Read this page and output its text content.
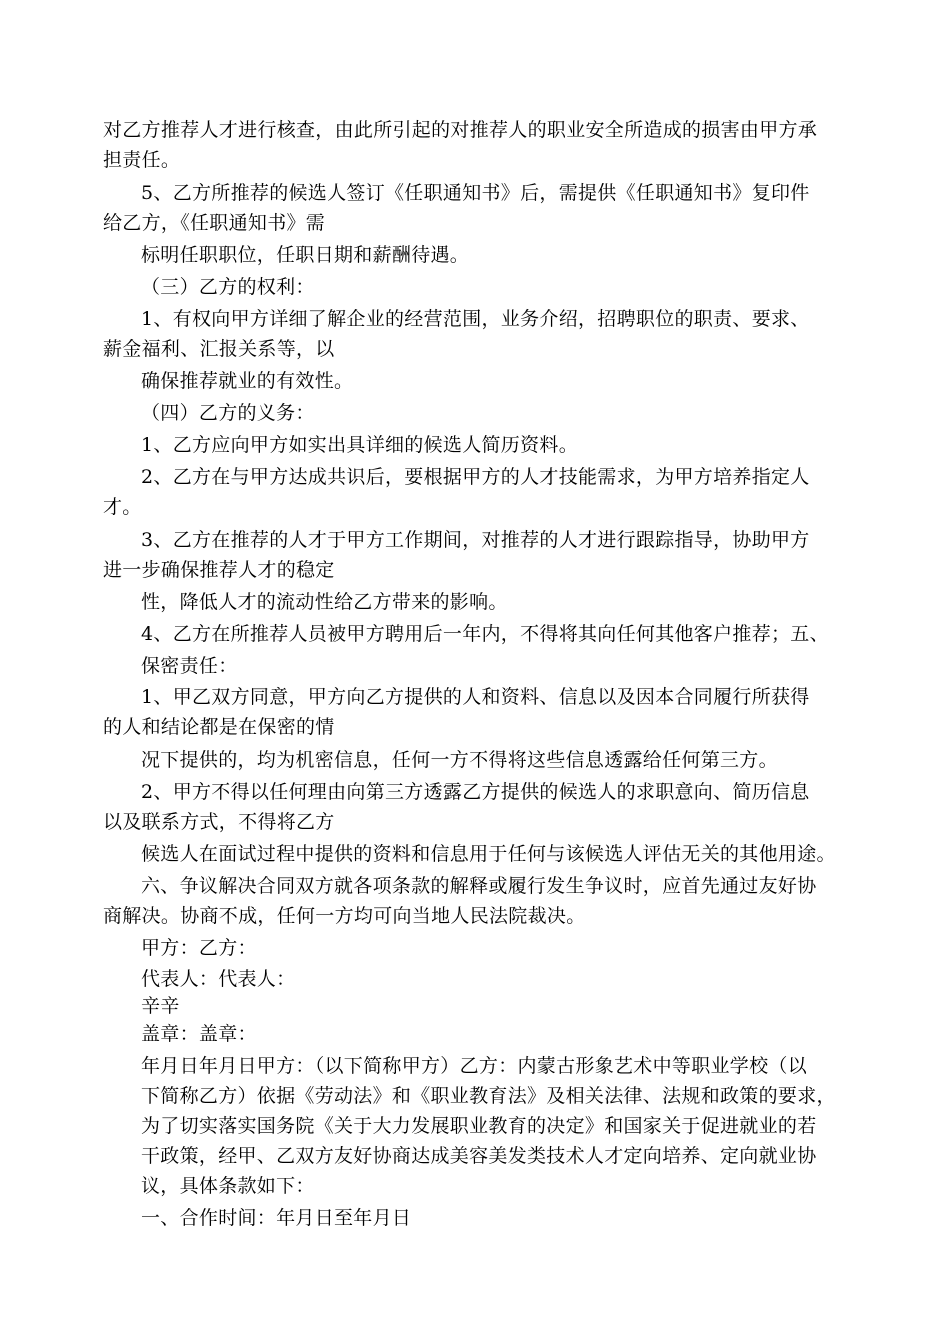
对乙方推荐人才进行核查，由此所引起的对推荐人的职业安全所造成的损害由甲方承
担责任。
5、乙方所推荐的候选人签订《任职通知书》后，需提供《任职通知书》复印件
给乙方，《任职通知书》需
标明任职职位，任职日期和薪酬待遇。
（三）乙方的权利：
1、有权向甲方详细了解企业的经营范围，业务介绍，招聘职位的职责、要求、
薪金福利、汇报关系等，以
确保推荐就业的有效性。
（四）乙方的义务：
1、乙方应向甲方如实出具详细的候选人简历资料。
2、乙方在与甲方达成共识后，要根据甲方的人才技能需求，为甲方培养指定人
才。
3、乙方在推荐的人才于甲方工作期间，对推荐的人才进行跟踪指导，协助甲方
进一步确保推荐人才的稳定
性，降低人才的流动性给乙方带来的影响。
4、乙方在所推荐人员被甲方聘用后一年内，不得将其向任何其他客户推荐；五、
保密责任：
1、甲乙双方同意，甲方向乙方提供的人和资料、信息以及因本合同履行所获得
的人和结论都是在保密的情
况下提供的，均为机密信息，任何一方不得将这些信息透露给任何第三方。
2、甲方不得以任何理由向第三方透露乙方提供的候选人的求职意向、简历信息
以及联系方式，不得将乙方
候选人在面试过程中提供的资料和信息用于任何与该候选人评估无关的其他用途。
六、争议解决合同双方就各项条款的解释或履行发生争议时，应首先通过友好协
商解决。协商不成，任何一方均可向当地人民法院裁决。
甲方：乙方：
代表人：代表人：
辛辛
盖章：盖章：
年月日年月日甲方：（以下简称甲方）乙方：内蒙古形象艺术中等职业学校（以
下简称乙方）依据《劳动法》和《职业教育法》及相关法律、法规和政策的要求，
为了切实落实国务院《关于大力发展职业教育的决定》和国家关于促进就业的若
干政策，经甲、乙双方友好协商达成美容美发类技术人才定向培养、定向就业协
议，具体条款如下：
一、合作时间：年月日至年月日
